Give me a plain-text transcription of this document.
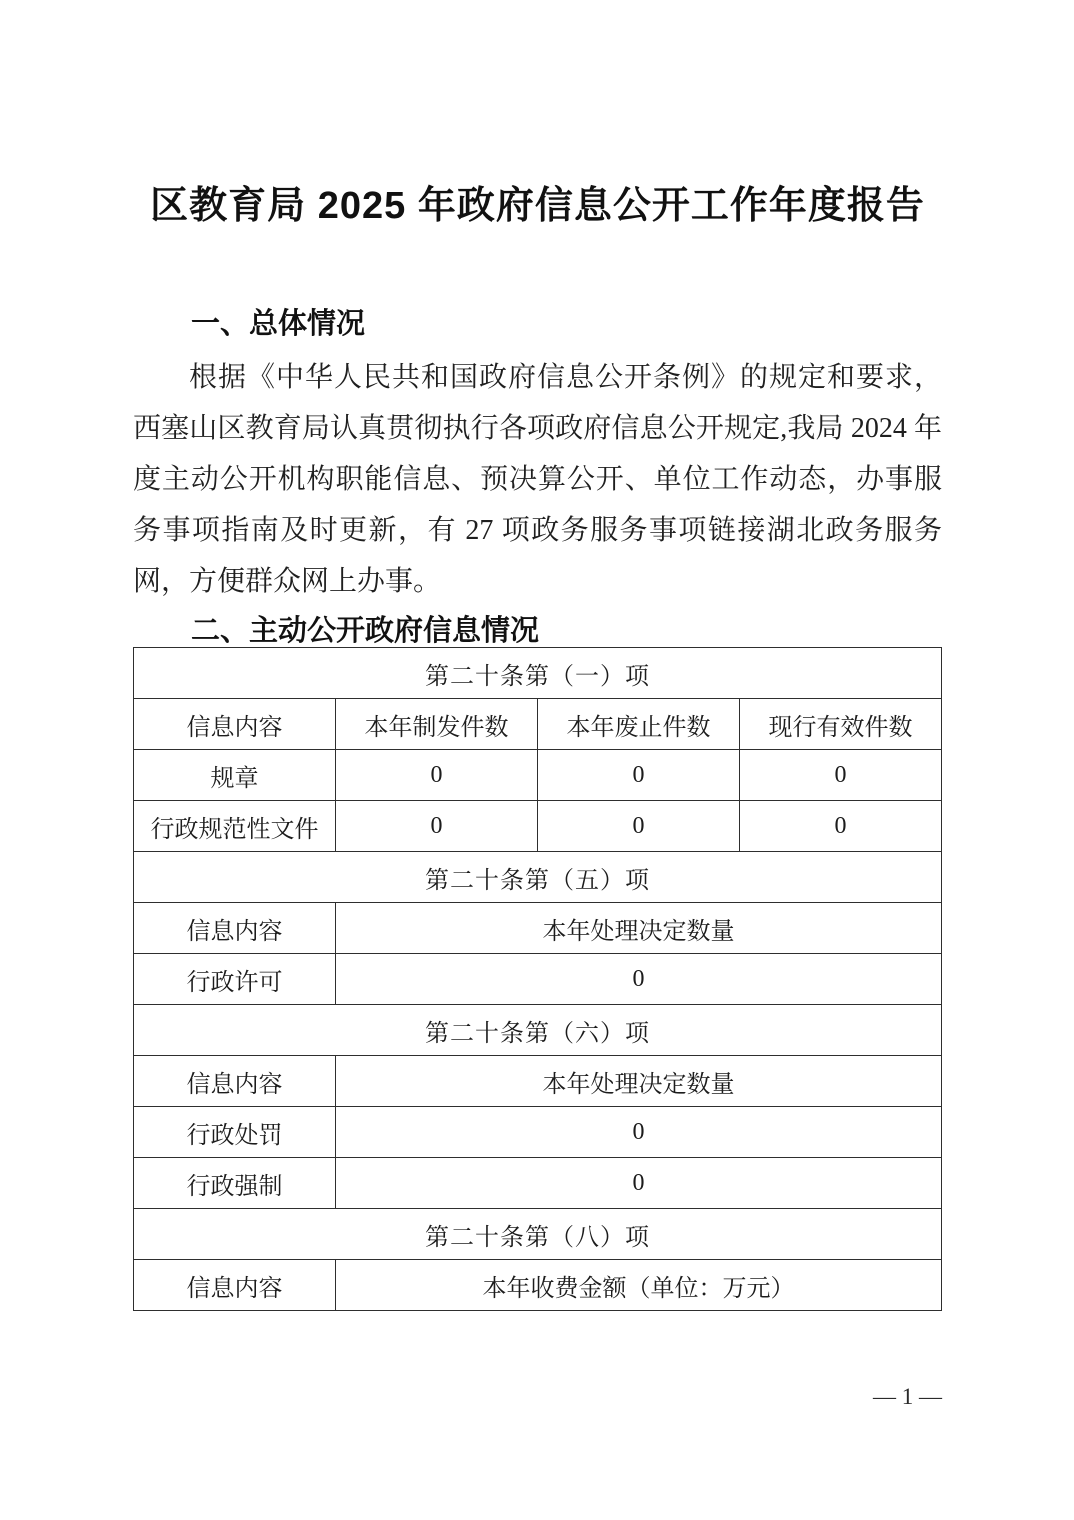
区教育局 2025 年政府信息公开工作年度报告
一、总体情况

根据《中华人民共和国政府信息公开条例》的规定和要求，西塞山区教育局认真贯彻执行各项政府信息公开规定,我局 2024 年度主动公开机构职能信息、预决算公开、单位工作动态，办事服务事项指南及时更新，有 27 项政务服务事项链接湖北政务服务网，方便群众网上办事。

二、主动公开政府信息情况
第二十条第（一）项			
信息内容	本年制发件数	本年废止件数	现行有效件数
规章	0	0	0
行政规范性文件	0	0	0
第二十条第（五）项			
信息内容	本年处理决定数量		
行政许可	0		
第二十条第（六）项			
信息内容	本年处理决定数量		
行政处罚	0		
行政强制	0		
第二十条第（八）项			
信息内容	本年收费金额（单位：万元）		
— 1 —
